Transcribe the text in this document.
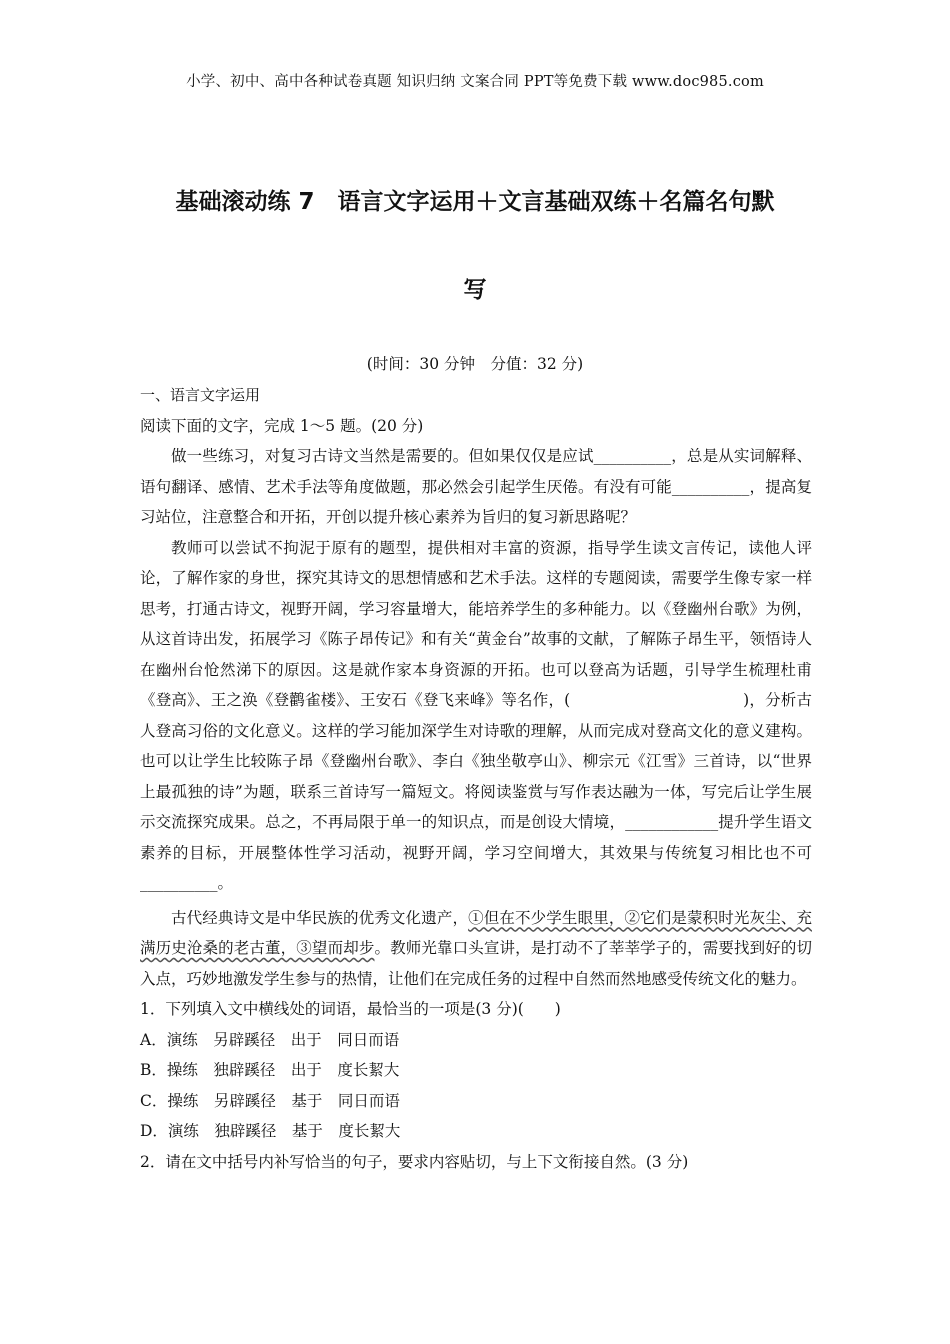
小学、初中、高中各种试卷真题 知识归纳 文案合同 PPT等免费下载 www.doc985.com
基础滚动练 7　语言文字运用＋文言基础双练＋名篇名句默
写
(时间：30 分钟　分值：32 分)

一、语言文字运用

阅读下面的文字，完成 1～5 题。(20 分)

做一些练习，对复习古诗文当然是需要的。但如果仅仅是应试__________，总是从实词解释、语句翻译、感情、艺术手法等角度做题，那必然会引起学生厌倦。有没有可能__________，提高复习站位，注意整合和开拓，开创以提升核心素养为旨归的复习新思路呢？

教师可以尝试不拘泥于原有的题型，提供相对丰富的资源，指导学生读文言传记，读他人评论，了解作家的身世，探究其诗文的思想情感和艺术手法。这样的专题阅读，需要学生像专家一样思考，打通古诗文，视野开阔，学习容量增大，能培养学生的多种能力。以《登幽州台歌》为例，从这首诗出发，拓展学习《陈子昂传记》和有关“黄金台”故事的文献，了解陈子昂生平，领悟诗人在幽州台怆然涕下的原因。这是就作家本身资源的开拓。也可以登高为话题，引导学生梳理杜甫《登高》、王之涣《登鹳雀楼》、王安石《登飞来峰》等名作，(　　　　　　　　　　　)，分析古人登高习俗的文化意义。这样的学习能加深学生对诗歌的理解，从而完成对登高文化的意义建构。也可以让学生比较陈子昂《登幽州台歌》、李白《独坐敬亭山》、柳宗元《江雪》三首诗，以“世界上最孤独的诗”为题，联系三首诗写一篇短文。将阅读鉴赏与写作表达融为一体，写完后让学生展示交流探究成果。总之，不再局限于单一的知识点，而是创设大情境，____________提升学生语文素养的目标，开展整体性学习活动，视野开阔，学习空间增大，其效果与传统复习相比也不可__________。

古代经典诗文是中华民族的优秀文化遗产，①但在不少学生眼里，②它们是蒙积时光灰尘、充满历史沧桑的老古董，③望而却步。教师光靠口头宣讲，是打动不了莘莘学子的，需要找到好的切入点，巧妙地激发学生参与的热情，让他们在完成任务的过程中自然而然地感受传统文化的魅力。

1．下列填入文中横线处的词语，最恰当的一项是(3 分)(　　)

A．演练　另辟蹊径　出于　同日而语

B．操练　独辟蹊径　出于　度长絜大

C．操练　另辟蹊径　基于　同日而语

D．演练　独辟蹊径　基于　度长絜大

2．请在文中括号内补写恰当的句子，要求内容贴切，与上下文衔接自然。(3 分)
